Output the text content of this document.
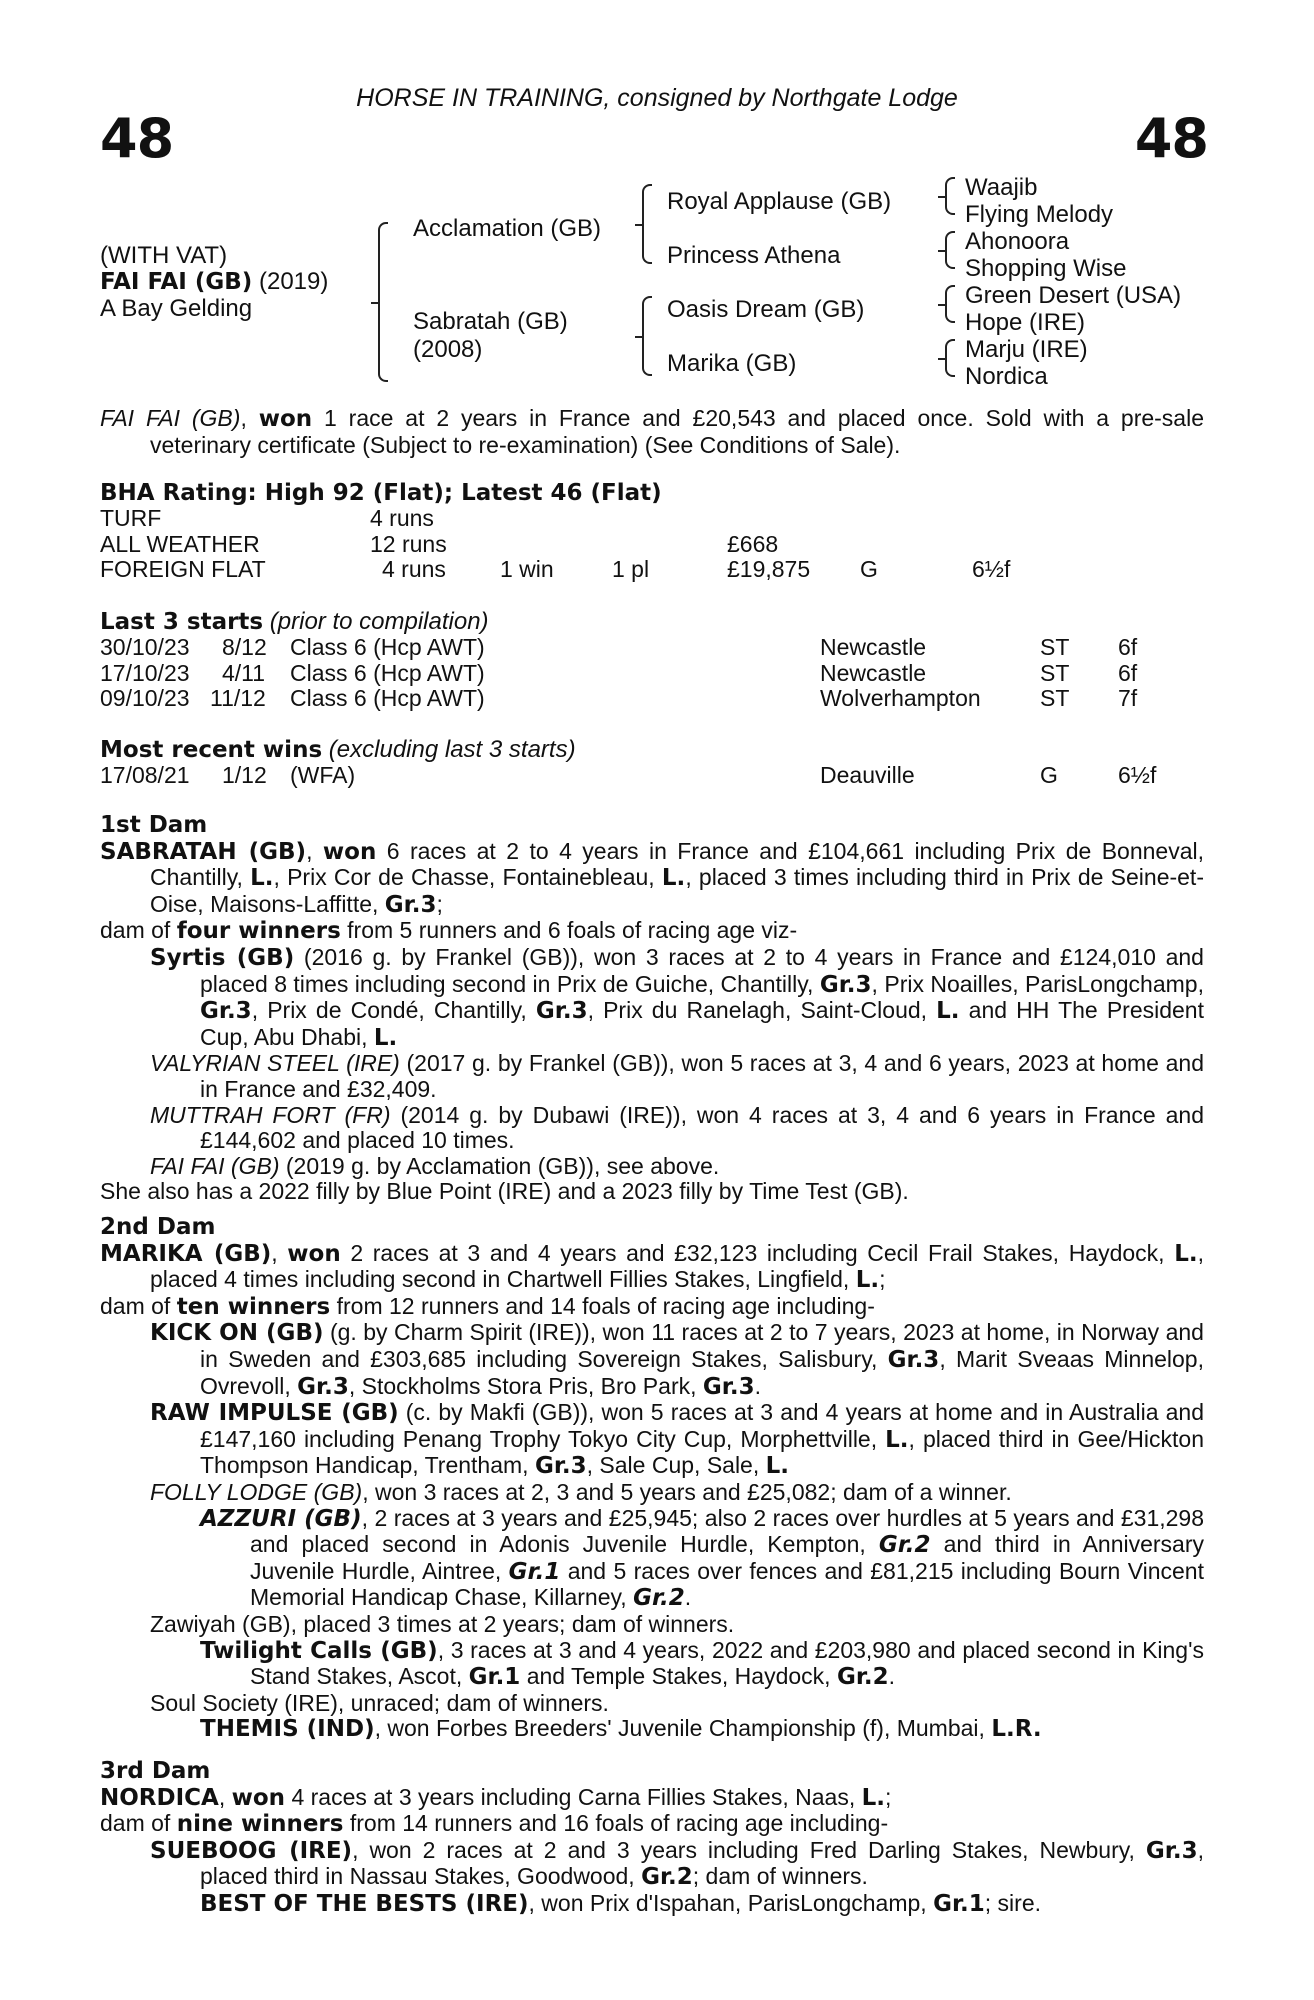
HORSE IN TRAINING, consigned by Northgate Lodge
48	48
(WITH VAT)
FAI FAI (GB) (2019)
A Bay Gelding
Acclamation (GB)
Sabratah (GB)
(2008)
Royal Applause (GB)
Princess Athena
Oasis Dream (GB)
Marika (GB)
Waajib
Flying Melody
Ahonoora
Shopping Wise
Green Desert (USA)
Hope (IRE)
Marju (IRE)
Nordica

FAI FAI (GB), won 1 race at 2 years in France and £20,543 and placed once. Sold with a pre-sale veterinary certificate (Subject to re-examination) (See Conditions of Sale).

BHA Rating: High 92 (Flat); Latest 46 (Flat)
TURF	4 runs
ALL WEATHER	12 runs	£668
FOREIGN FLAT	4 runs 1 win	1 pl	£19,875 G	6½f
Last 3 starts (prior to compilation)
30/10/23 8/12 Class 6 (Hcp AWT)	Newcastle	ST 6f
17/10/23 4/11 Class 6 (Hcp AWT)	Newcastle	ST 6f
09/10/23 11/12 Class 6 (Hcp AWT)	Wolverhampton	ST 7f
Most recent wins (excluding last 3 starts)
17/08/21 1/12 (WFA)	Deauville	G	6½f

1st Dam

SABRATAH (GB), won 6 races at 2 to 4 years in France and £104,661 including Prix de Bonneval, Chantilly, L., Prix Cor de Chasse, Fontainebleau, L., placed 3 times including third in Prix de Seine-et-Oise, Maisons-Laffitte, Gr.3;

dam of four winners from 5 runners and 6 foals of racing age viz-

Syrtis (GB) (2016 g. by Frankel (GB)), won 3 races at 2 to 4 years in France and £124,010 and placed 8 times including second in Prix de Guiche, Chantilly, Gr.3, Prix Noailles, ParisLongchamp, Gr.3, Prix de Condé, Chantilly, Gr.3, Prix du Ranelagh, Saint-Cloud, L. and HH The President Cup, Abu Dhabi, L.

VALYRIAN STEEL (IRE) (2017 g. by Frankel (GB)), won 5 races at 3, 4 and 6 years, 2023 at home and in France and £32,409.

MUTTRAH FORT (FR) (2014 g. by Dubawi (IRE)), won 4 races at 3, 4 and 6 years in France and £144,602 and placed 10 times.

FAI FAI (GB) (2019 g. by Acclamation (GB)), see above.

She also has a 2022 filly by Blue Point (IRE) and a 2023 filly by Time Test (GB).

2nd Dam

MARIKA (GB), won 2 races at 3 and 4 years and £32,123 including Cecil Frail Stakes, Haydock, L., placed 4 times including second in Chartwell Fillies Stakes, Lingfield, L.;

dam of ten winners from 12 runners and 14 foals of racing age including-

KICK ON (GB) (g. by Charm Spirit (IRE)), won 11 races at 2 to 7 years, 2023 at home, in Norway and in Sweden and £303,685 including Sovereign Stakes, Salisbury, Gr.3, Marit Sveaas Minnelop, Ovrevoll, Gr.3, Stockholms Stora Pris, Bro Park, Gr.3.

RAW IMPULSE (GB) (c. by Makfi (GB)), won 5 races at 3 and 4 years at home and in Australia and £147,160 including Penang Trophy Tokyo City Cup, Morphettville, L., placed third in Gee/Hickton Thompson Handicap, Trentham, Gr.3, Sale Cup, Sale, L.

FOLLY LODGE (GB), won 3 races at 2, 3 and 5 years and £25,082; dam of a winner.

AZZURI (GB), 2 races at 3 years and £25,945; also 2 races over hurdles at 5 years and £31,298 and placed second in Adonis Juvenile Hurdle, Kempton, Gr.2 and third in Anniversary Juvenile Hurdle, Aintree, Gr.1 and 5 races over fences and £81,215 including Bourn Vincent Memorial Handicap Chase, Killarney, Gr.2.

Zawiyah (GB), placed 3 times at 2 years; dam of winners.

Twilight Calls (GB), 3 races at 3 and 4 years, 2022 and £203,980 and placed second in King's Stand Stakes, Ascot, Gr.1 and Temple Stakes, Haydock, Gr.2.

Soul Society (IRE), unraced; dam of winners.

THEMIS (IND), won Forbes Breeders' Juvenile Championship (f), Mumbai, L.R.

3rd Dam

NORDICA, won 4 races at 3 years including Carna Fillies Stakes, Naas, L.;

dam of nine winners from 14 runners and 16 foals of racing age including-

SUEBOOG (IRE), won 2 races at 2 and 3 years including Fred Darling Stakes, Newbury, Gr.3, placed third in Nassau Stakes, Goodwood, Gr.2; dam of winners.

BEST OF THE BESTS (IRE), won Prix d'Ispahan, ParisLongchamp, Gr.1; sire.
